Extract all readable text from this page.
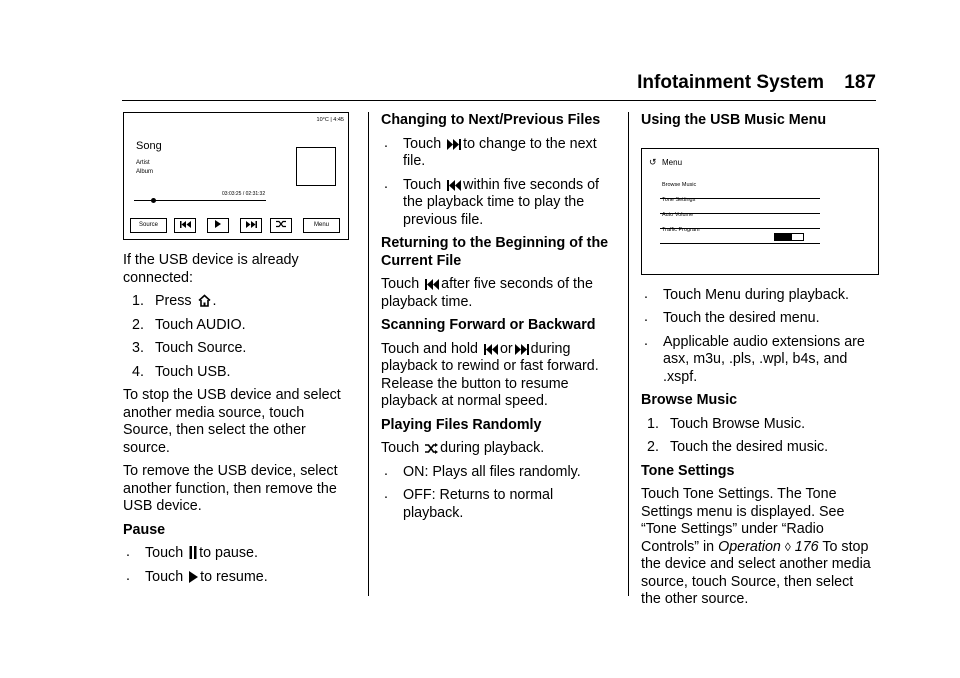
Infotainment System 187
10°C | 4:45
Song
Artist
Album
03:03:25 / 02:31:32
Source	Menu

If the USB device is already connected:

1. Press
.
2. Touch AUDIO.
3. Touch Source.
4. Touch USB.

To stop the USB device and select another media source, touch Source, then select the other source.

To remove the USB device, select another function, then remove the USB device.

Pause

. Touch
to pause.
. Touch
to resume.

Changing to Next/Previous Files

. Touch
to change to the next file.
. Touch
within five seconds of the playback time to play the previous file.

Returning to the Beginning of the Current File

Touch
after five seconds of the playback time.

Scanning Forward or Backward

Touch and hold
or during playback to rewind or fast forward. Release the button to resume playback at normal speed.

Playing Files Randomly

Touch
during playback.

. ON: Plays all files randomly.
. OFF: Returns to normal playback.

Using the USB Music Menu

↺ Menu
Browse Music
Tone Settings
Auto Volume
Traffic Program
. Touch Menu during playback.
. Touch the desired menu.
. Applicable audio extensions are asx, m3u, .pls, .wpl, b4s, and .xspf.

Browse Music

1. Touch Browse Music.
2. Touch the desired music.

Tone Settings

Touch Tone Settings. The Tone Settings menu is displayed. See “Tone Settings” under “Radio Controls” in Operation ◊ 176 To stop the device and select another media source, touch Source, then select the other source.
